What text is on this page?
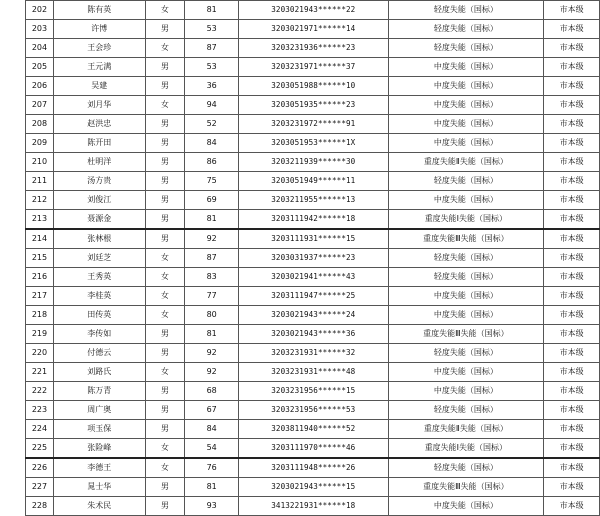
202	陈有英	女	81	3203021943******22	轻度失能（国标）	市本级
203	许博	男	53	3203021971******14	轻度失能（国标）	市本级
204	王会珍	女	87	3203231936******23	轻度失能（国标）	市本级
205	王元满	男	53	3203231971******37	中度失能（国标）	市本级
206	吴建	男	36	3203051988******10	中度失能（国标）	市本级
207	刘月华	女	94	3203051935******23	中度失能（国标）	市本级
208	赵洪忠	男	52	3203231972******91	中度失能（国标）	市本级
209	陈开田	男	84	3203051953******1X	中度失能（国标）	市本级
210	杜明洋	男	86	3203211939******30	重度失能Ⅱ失能（国标）	市本级
211	汤方贵	男	75	3203051949******11	轻度失能（国标）	市本级
212	刘俊江	男	69	3203211955******13	中度失能（国标）	市本级
213	聂源金	男	81	3203111942******18	重度失能Ⅰ失能（国标）	市本级
214	张林根	男	92	3203111931******15	重度失能Ⅲ失能（国标）	市本级
215	刘廷芝	女	87	3203031937******23	轻度失能（国标）	市本级
216	王秀英	女	83	3203021941******43	轻度失能（国标）	市本级
217	李桂英	女	77	3203111947******25	中度失能（国标）	市本级
218	田传英	女	80	3203021943******24	中度失能（国标）	市本级
219	李传如	男	81	3203021943******36	重度失能Ⅲ失能（国标）	市本级
220	付德云	男	92	3203231931******32	轻度失能（国标）	市本级
221	刘路氏	女	92	3203231931******48	中度失能（国标）	市本级
222	陈万青	男	68	3203231956******15	中度失能（国标）	市本级
223	周广奥	男	67	3203231956******53	轻度失能（国标）	市本级
224	项玉保	男	84	3203811940******52	重度失能Ⅱ失能（国标）	市本级
225	张险峰	女	54	3203111970******46	重度失能Ⅰ失能（国标）	市本级
226	李德王	女	76	3203111948******26	轻度失能（国标）	市本级
227	晁士华	男	81	3203021943******15	重度失能Ⅲ失能（国标）	市本级
228	朱术民	男	93	3413221931******18	中度失能（国标）	市本级
